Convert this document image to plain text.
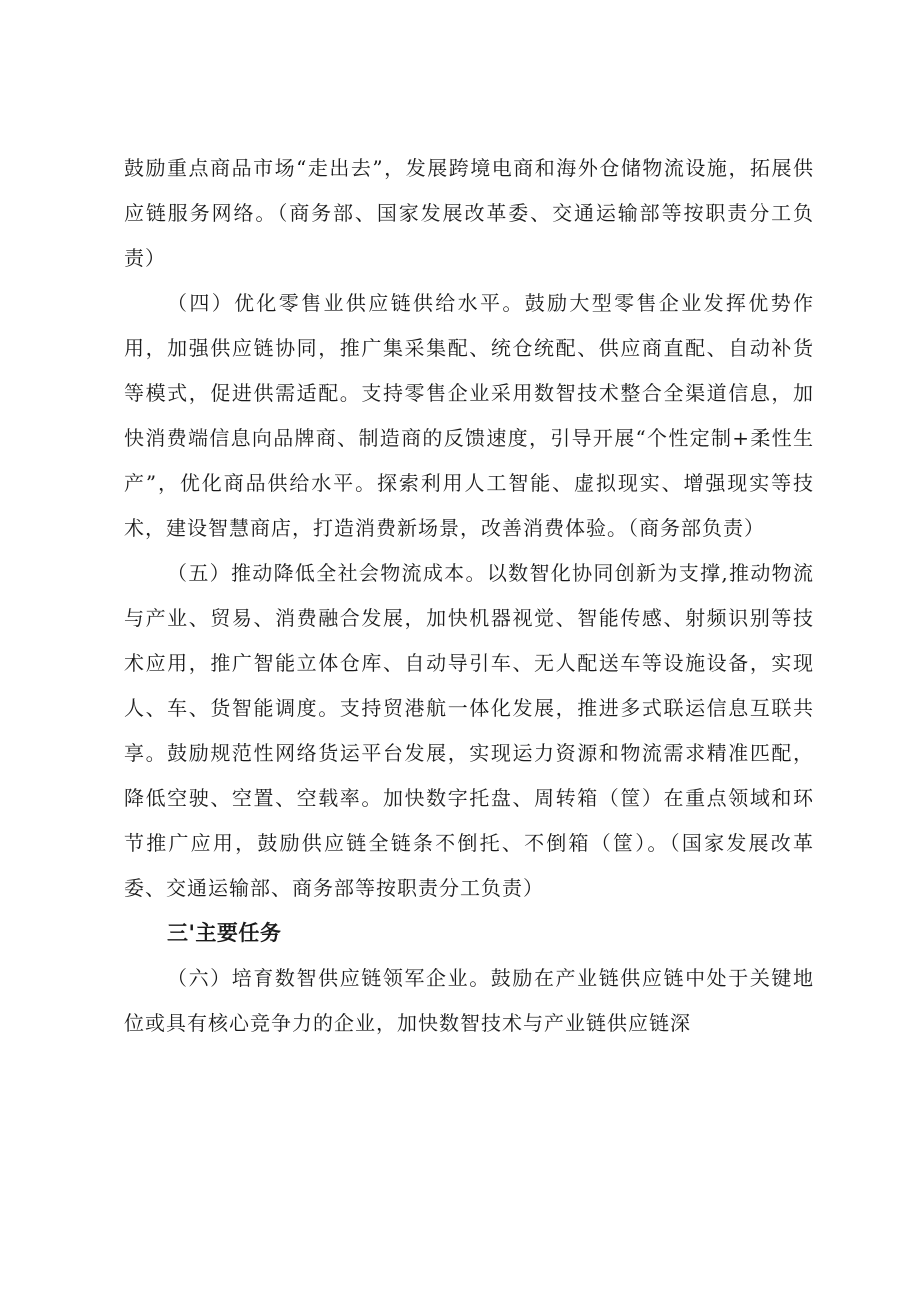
鼓励重点商品市场“走出去”，发展跨境电商和海外仓储物流设施，拓展供应链服务网络。（商务部、国家发展改革委、交通运输部等按职责分工负责）

（四）优化零售业供应链供给水平。鼓励大型零售企业发挥优势作用，加强供应链协同，推广集采集配、统仓统配、供应商直配、自动补货等模式，促进供需适配。支持零售企业采用数智技术整合全渠道信息，加快消费端信息向品牌商、制造商的反馈速度，引导开展“个性定制+柔性生产”，优化商品供给水平。探索利用人工智能、虚拟现实、增强现实等技术，建设智慧商店，打造消费新场景，改善消费体验。（商务部负责）

（五）推动降低全社会物流成本。以数智化协同创新为支撑,推动物流与产业、贸易、消费融合发展，加快机器视觉、智能传感、射频识别等技术应用，推广智能立体仓库、自动导引车、无人配送车等设施设备，实现人、车、货智能调度。支持贸港航一体化发展，推进多式联运信息互联共享。鼓励规范性网络货运平台发展，实现运力资源和物流需求精准匹配，降低空驶、空置、空载率。加快数字托盘、周转箱（筐）在重点领域和环节推广应用，鼓励供应链全链条不倒托、不倒箱（筐）。（国家发展改革委、交通运输部、商务部等按职责分工负责）

三'主要任务

（六）培育数智供应链领军企业。鼓励在产业链供应链中处于关键地位或具有核心竞争力的企业，加快数智技术与产业链供应链深
